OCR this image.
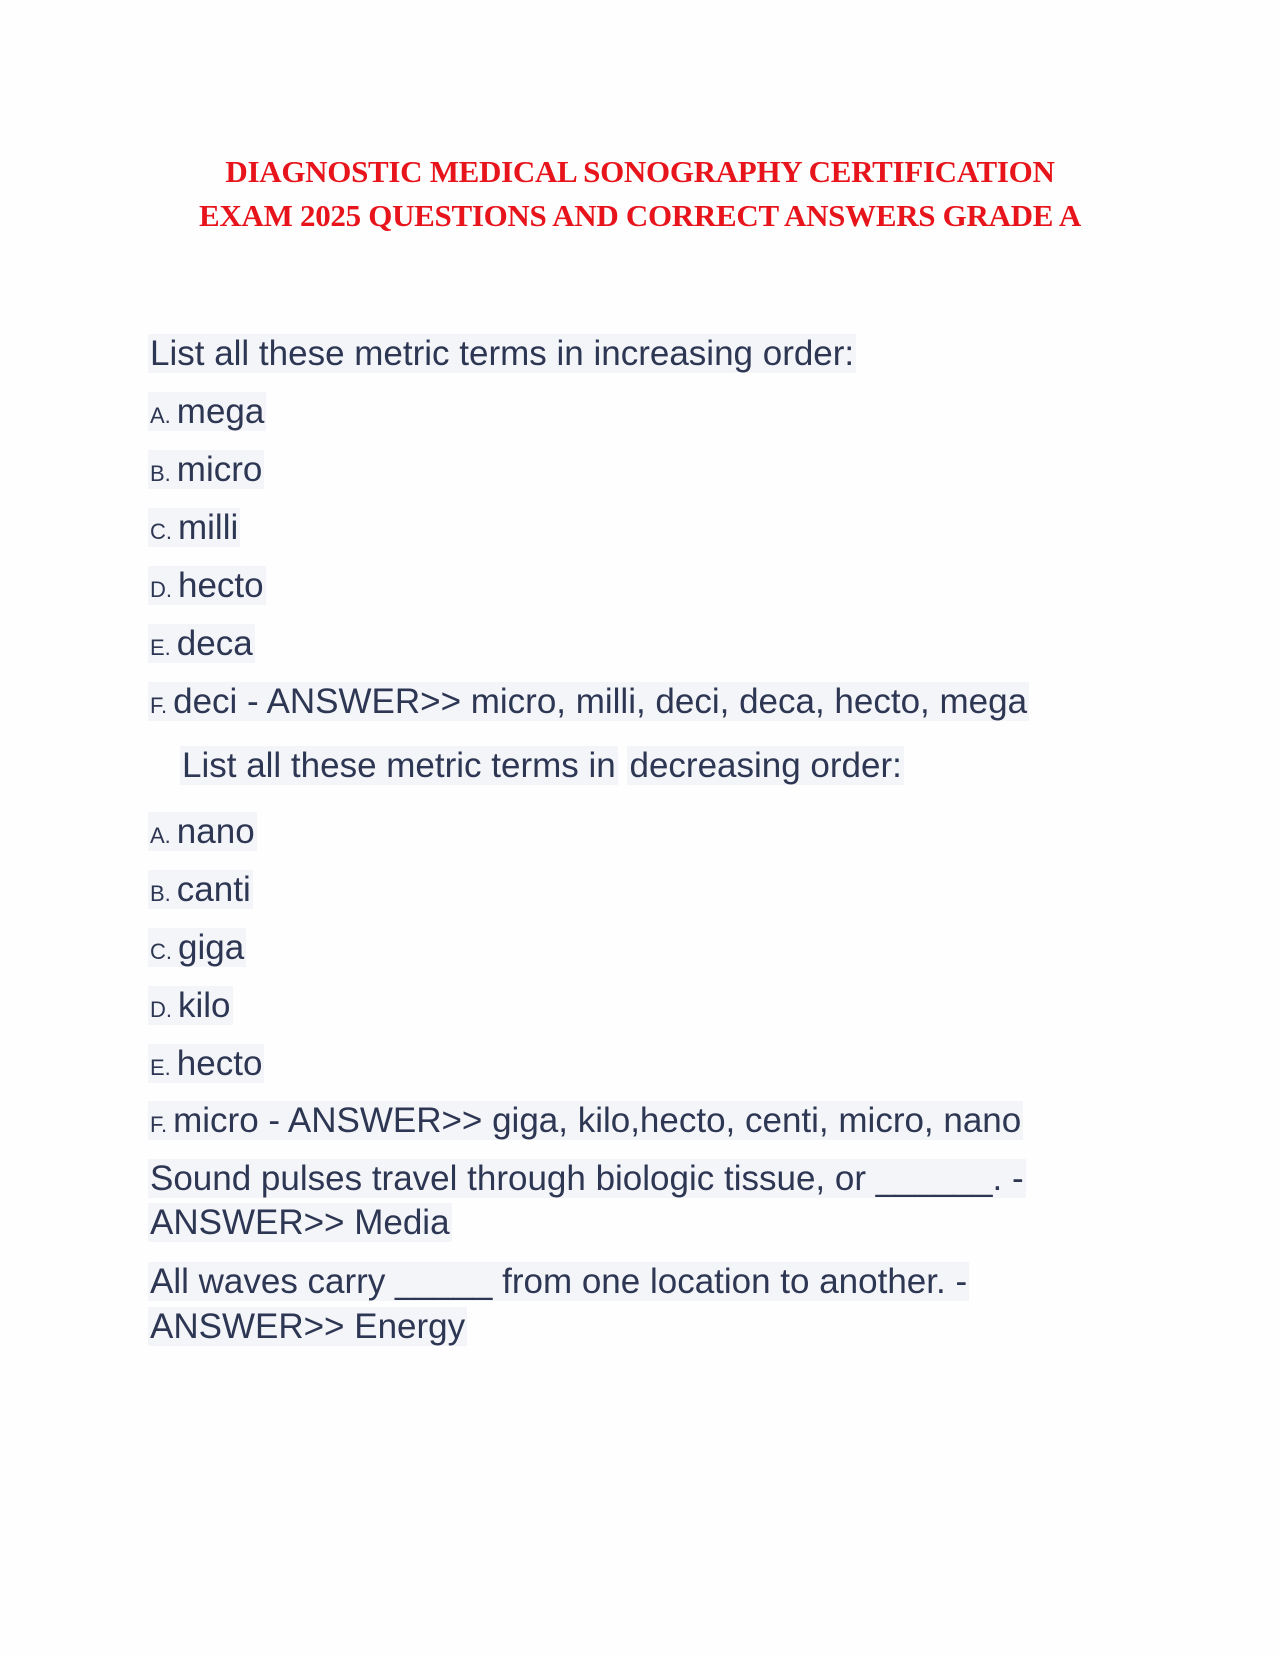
DIAGNOSTIC MEDICAL SONOGRAPHY CERTIFICATION
EXAM 2025 QUESTIONS AND CORRECT ANSWERS GRADE A
List all these metric terms in increasing order:
A. mega
B. micro
C. milli
D. hecto
E. deca
F. deci - ANSWER>> micro, milli, deci, deca, hecto, mega
List all these metric terms in decreasing order:
A. nano
B. canti
C. giga
D. kilo
E. hecto
F. micro - ANSWER>> giga, kilo,hecto, centi, micro, nano
Sound pulses travel through biologic tissue, or ______. -
ANSWER>> Media
All waves carry _____ from one location to another. -
ANSWER>> Energy
